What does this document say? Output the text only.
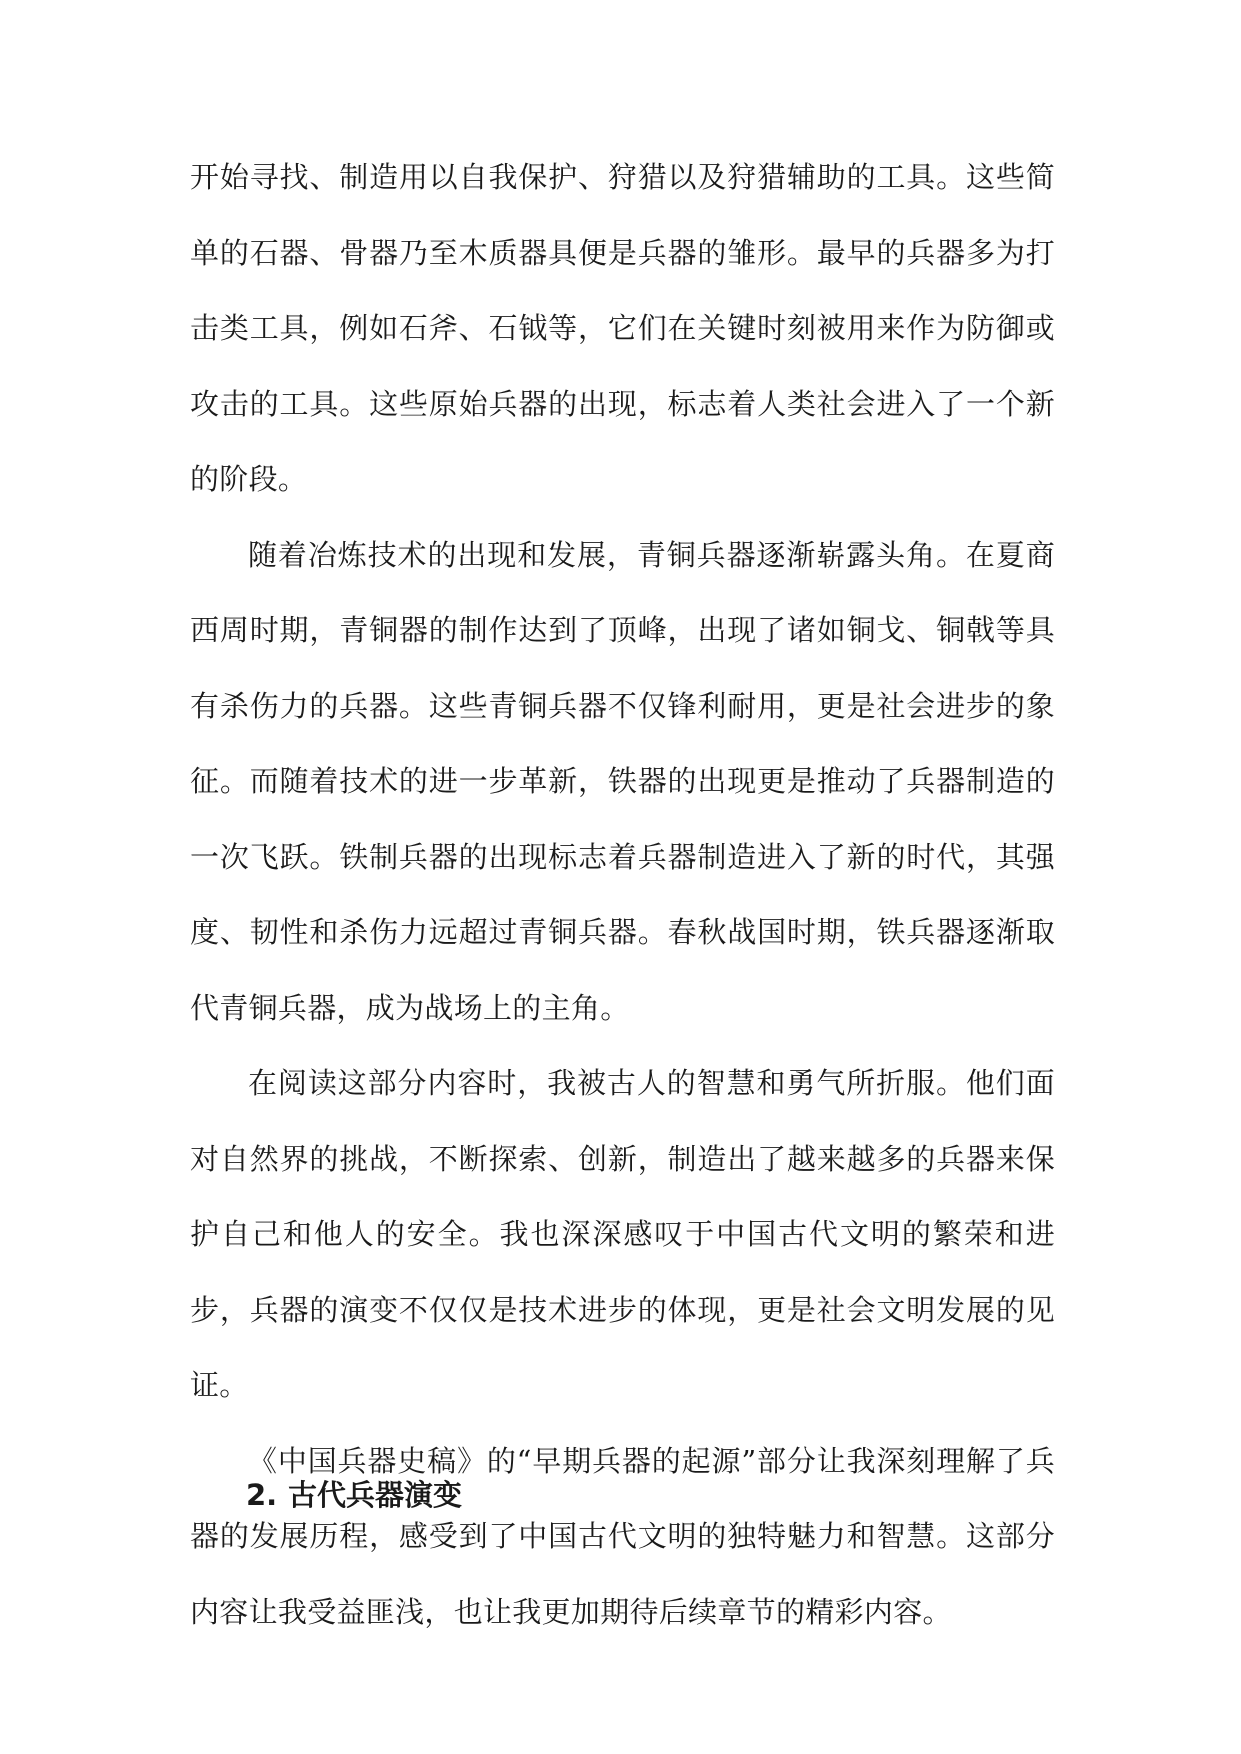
开始寻找、制造用以自我保护、狩猎以及狩猎辅助的工具。这些简单的石器、骨器乃至木质器具便是兵器的雏形。最早的兵器多为打击类工具，例如石斧、石钺等，它们在关键时刻被用来作为防御或攻击的工具。这些原始兵器的出现，标志着人类社会进入了一个新的阶段。

随着冶炼技术的出现和发展，青铜兵器逐渐崭露头角。在夏商西周时期，青铜器的制作达到了顶峰，出现了诸如铜戈、铜戟等具有杀伤力的兵器。这些青铜兵器不仅锋利耐用，更是社会进步的象征。而随着技术的进一步革新，铁器的出现更是推动了兵器制造的一次飞跃。铁制兵器的出现标志着兵器制造进入了新的时代，其强度、韧性和杀伤力远超过青铜兵器。春秋战国时期，铁兵器逐渐取代青铜兵器，成为战场上的主角。

在阅读这部分内容时，我被古人的智慧和勇气所折服。他们面对自然界的挑战，不断探索、创新，制造出了越来越多的兵器来保护自己和他人的安全。我也深深感叹于中国古代文明的繁荣和进步，兵器的演变不仅仅是技术进步的体现，更是社会文明发展的见证。

《中国兵器史稿》的“早期兵器的起源”部分让我深刻理解了兵器的发展历程，感受到了中国古代文明的独特魅力和智慧。这部分内容让我受益匪浅，也让我更加期待后续章节的精彩内容。

2. 古代兵器演变
